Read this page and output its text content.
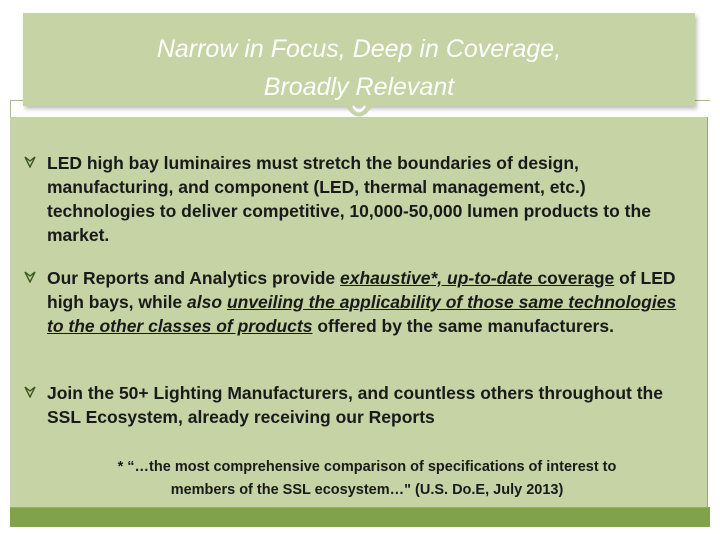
Narrow in Focus, Deep in Coverage,
Broadly Relevant
LED high bay luminaires must stretch the boundaries of design, manufacturing, and component (LED, thermal management, etc.) technologies to deliver competitive, 10,000-50,000 lumen products to the market.
Our Reports and Analytics provide exhaustive*, up-to-date coverage of LED high bays, while also unveiling the applicability of those same technologies to the other classes of products offered by the same manufacturers.
Join the 50+ Lighting Manufacturers, and countless others throughout the SSL Ecosystem, already receiving our Reports
* “…the most comprehensive comparison of specifications of interest to
members of the SSL ecosystem…" (U.S. Do.E, July 2013)
